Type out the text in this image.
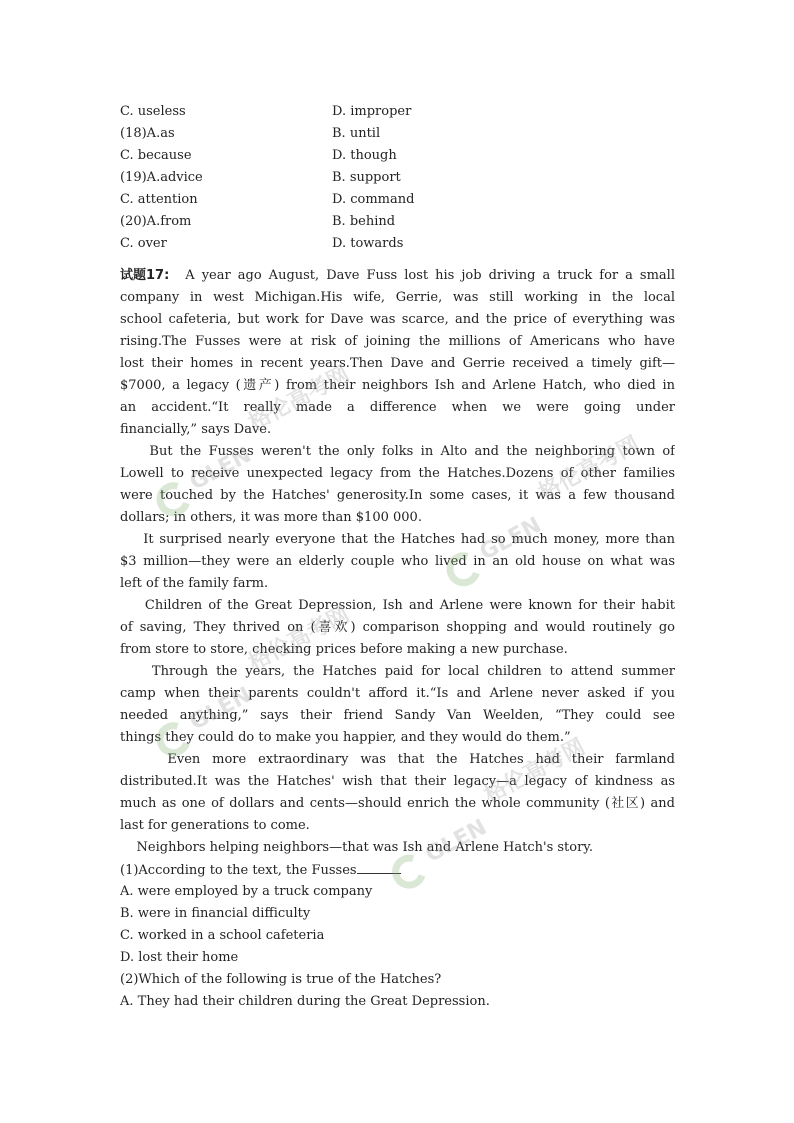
C. useless	D. improper
(18)A.as	B. until
C. because	D. though
(19)A.advice	B. support
C. attention	D. command
(20)A.from	B. behind
C. over	D. towards
试题17: A year ago August, Dave Fuss lost his job driving a truck for a small
company in west Michigan.His wife, Gerrie, was still working in the local
school cafeteria, but work for Dave was scarce, and the price of everything was
rising.The Fusses were at risk of joining the millions of Americans who have
lost their homes in recent years.Then Dave and Gerrie received a timely gift—
$7000, a legacy (遗产) from their neighbors Ish and Arlene Hatch, who died in
an accident.“It really made a difference when we were going under
financially,” says Dave.
But the Fusses weren't the only folks in Alto and the neighboring town of
Lowell to receive unexpected legacy from the Hatches.Dozens of other families
were touched by the Hatches' generosity.In some cases, it was a few thousand
dollars; in others, it was more than $100 000.
It surprised nearly everyone that the Hatches had so much money, more than
$3 million—they were an elderly couple who lived in an old house on what was
left of the family farm.
Children of the Great Depression, Ish and Arlene were known for their habit
of saving, They thrived on (喜欢) comparison shopping and would routinely go
from store to store, checking prices before making a new purchase.
Through the years, the Hatches paid for local children to attend summer
camp when their parents couldn't afford it.“Is and Arlene never asked if you
needed anything,” says their friend Sandy Van Weelden, “They could see
things they could do to make you happier, and they would do them.”
Even more extraordinary was that the Hatches had their farmland
distributed.It was the Hatches' wish that their legacy—a legacy of kindness as
much as one of dollars and cents—should enrich the whole community (社区) and
last for generations to come.
Neighbors helping neighbors—that was Ish and Arlene Hatch's story.
(1)According to the text, the Fusses
A. were employed by a truck company
B. were in financial difficulty
C. worked in a school cafeteria
D. lost their home
(2)Which of the following is true of the Hatches?
A. They had their children during the Great Depression.
GLEN
格伦高考网
GLEN
格伦高考网
GLEN
格伦高考网
GLEN
格伦高考网
